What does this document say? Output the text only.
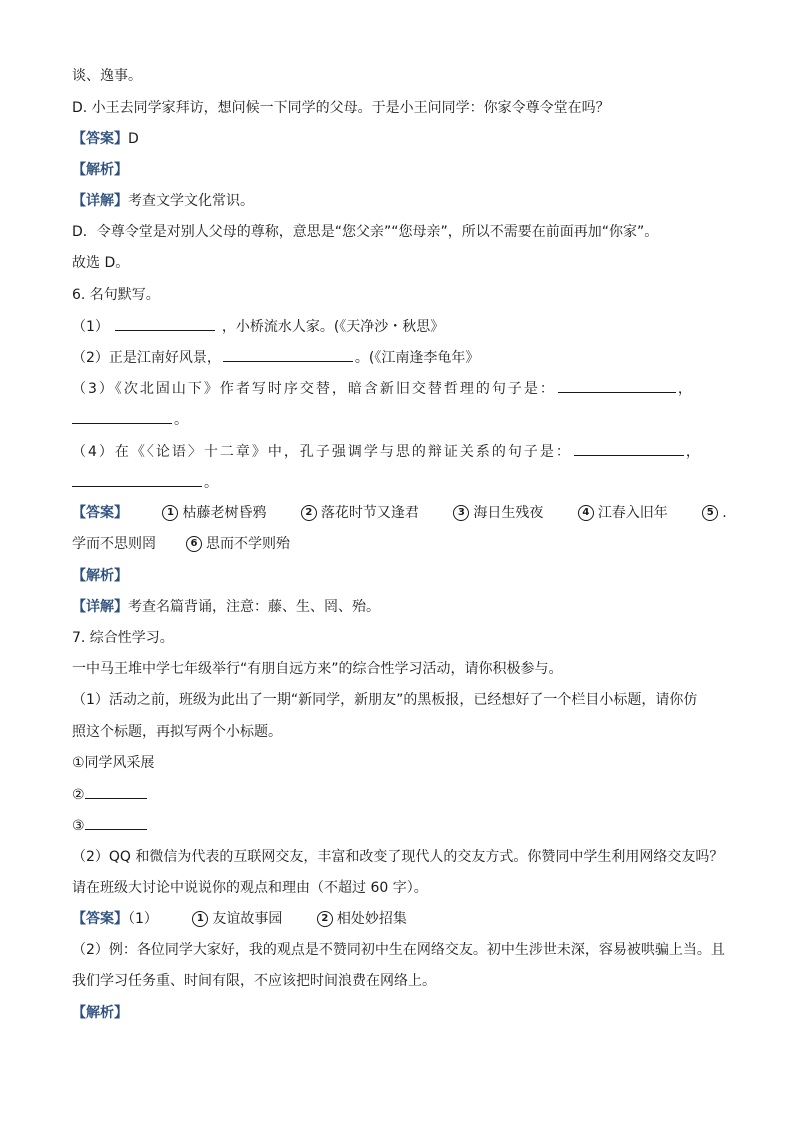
谈、逸事。
D. 小王去同学家拜访，想问候一下同学的父母。于是小王问同学：你家令尊令堂在吗？
【答案】D
【解析】
【详解】考查文学文化常识。
D．令尊令堂是对别人父母的尊称，意思是“您父亲”“您母亲”，所以不需要在前面再加“你家”。
故选 D。
6. 名句默写。
（1）	，小桥流水人家。(《天净沙・秋思》
（2）正是江南好风景，	。(《江南逢李龟年》
（3）《次北固山下》作者写时序交替，暗含新旧交替哲理的句子是：	，
。
（4）在《〈论语〉十二章》中，孔子强调学与思的辩证关系的句子是：	，
。
【答案】	1 枯藤老树昏鸦	2 落花时节又逢君	3 海日生残夜	4 江春入旧年	5 .
学而不思则罔	6 思而不学则殆
【解析】
【详解】考查名篇背诵，注意：藤、生、罔、殆。
7. 综合性学习。
一中马王堆中学七年级举行“有朋自远方来”的综合性学习活动，请你积极参与。
（1）活动之前，班级为此出了一期“新同学，新朋友”的黑板报，已经想好了一个栏目小标题，请你仿
照这个标题，再拟写两个小标题。
①同学风采展
②
③
（2）QQ 和微信为代表的互联网交友，丰富和改变了现代人的交友方式。你赞同中学生利用网络交友吗？
请在班级大讨论中说说你的观点和理由（不超过 60 字）。
【答案】（1）	1 友谊故事园	2 相处妙招集
（2）例：各位同学大家好，我的观点是不赞同初中生在网络交友。初中生涉世未深，容易被哄骗上当。且
我们学习任务重、时间有限，不应该把时间浪费在网络上。
【解析】
